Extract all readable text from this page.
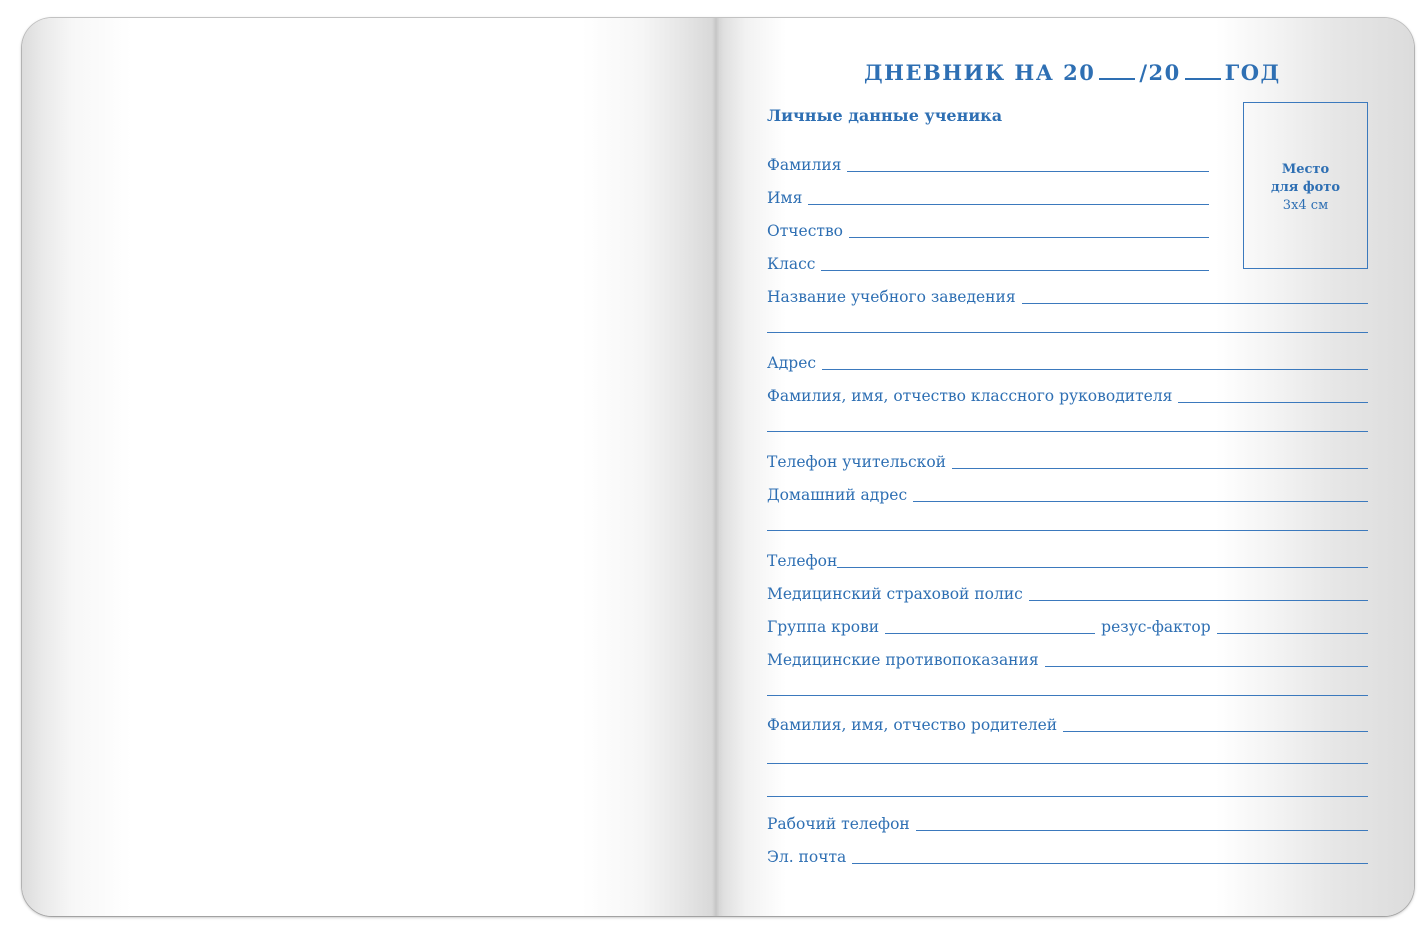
ДНЕВНИК НА 20 /20 ГОД
Личные данные ученика
Место
для фото
3х4 см
Фамилия
Имя
Отчество
Класс
Название учебного заведения
Адрес
Фамилия, имя, отчество классного руководителя
Телефон учительской
Домашний адрес
Телефон
Медицинский страховой полис
Группа крови	резус-фактор
Медицинские противопоказания
Фамилия, имя, отчество родителей
Рабочий телефон
Эл. почта
